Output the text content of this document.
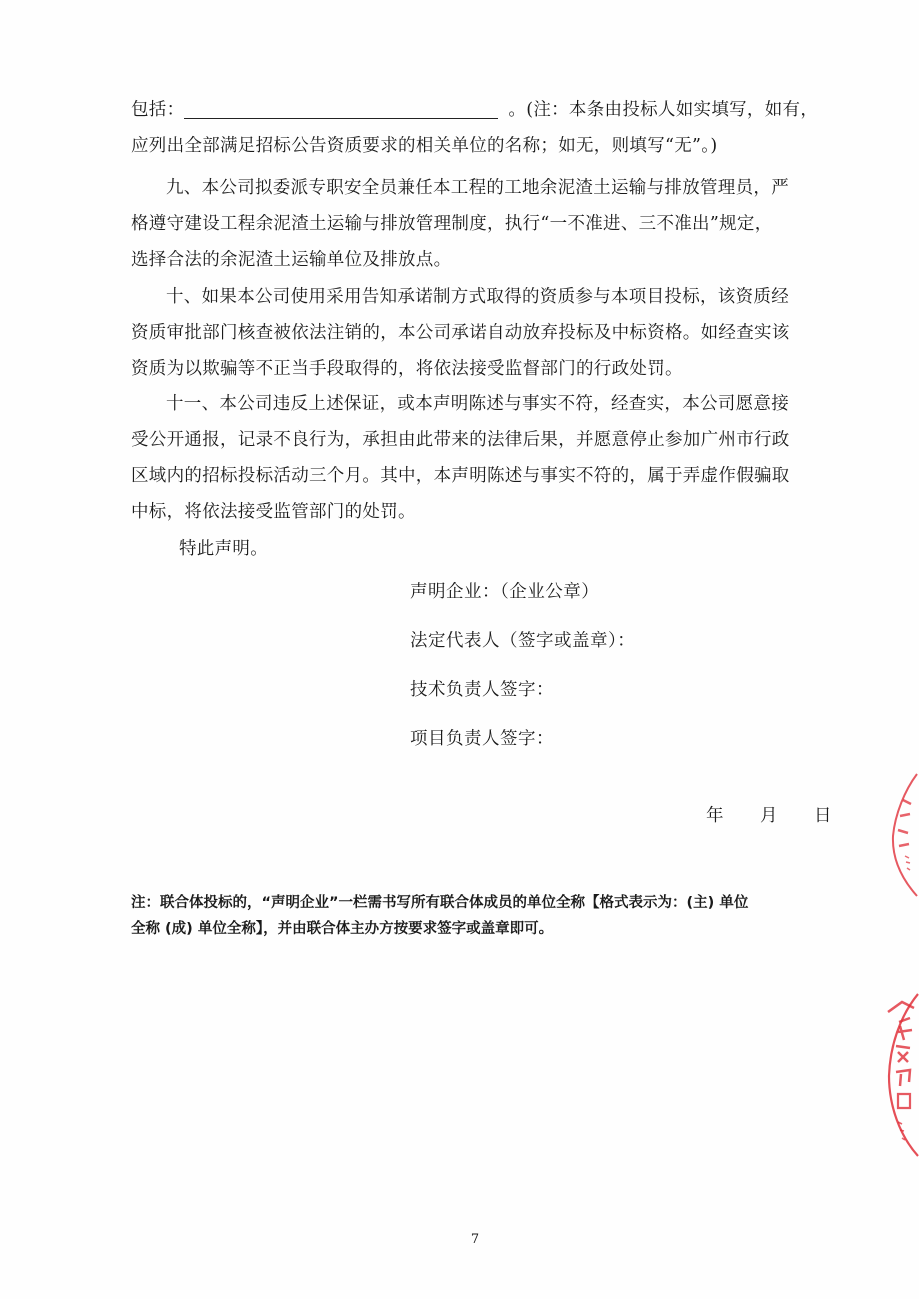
包括：	。(注：本条由投标人如实填写，如有，
应列出全部满足招标公告资质要求的相关单位的名称；如无，则填写“无”。)
九、本公司拟委派专职安全员兼任本工程的工地余泥渣土运输与排放管理员，严
格遵守建设工程余泥渣土运输与排放管理制度，执行“一不准进、三不准出”规定，
选择合法的余泥渣土运输单位及排放点。
十、如果本公司使用采用告知承诺制方式取得的资质参与本项目投标，该资质经
资质审批部门核查被依法注销的，本公司承诺自动放弃投标及中标资格。如经查实该
资质为以欺骗等不正当手段取得的，将依法接受监督部门的行政处罚。
十一、本公司违反上述保证，或本声明陈述与事实不符，经查实，本公司愿意接
受公开通报，记录不良行为，承担由此带来的法律后果，并愿意停止参加广州市行政
区域内的招标投标活动三个月。其中，本声明陈述与事实不符的，属于弄虚作假骗取
中标，将依法接受监管部门的处罚。
特此声明。
声明企业：（企业公章）
法定代表人（签字或盖章）：
技术负责人签字：
项目负责人签字：
年 月 日
注：联合体投标的，“声明企业”一栏需书写所有联合体成员的单位全称【格式表示为：(主) 单位
全称 (成) 单位全称】，并由联合体主办方按要求签字或盖章即可。
7
